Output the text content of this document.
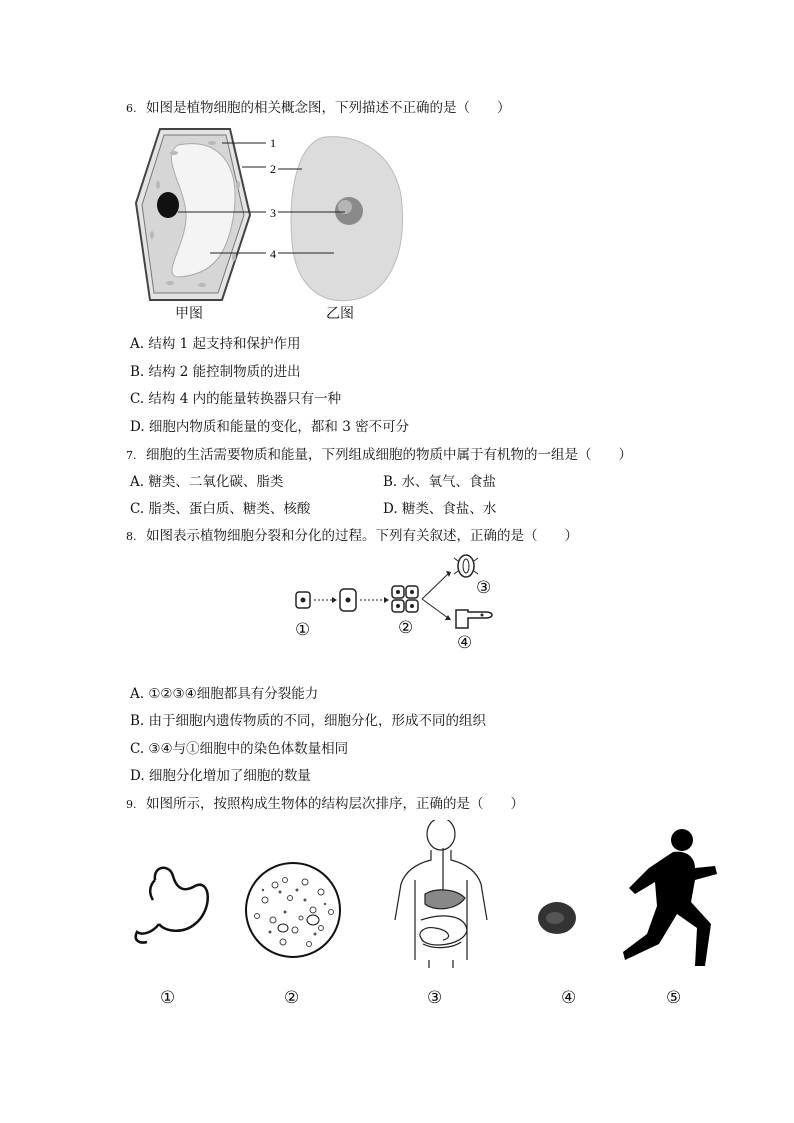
6. 如图是植物细胞的相关概念图，下列描述不正确的是（　　）
1
2
3
4
甲图	乙图
A. 结构 1 起支持和保护作用
B. 结构 2 能控制物质的进出
C. 结构 4 内的能量转换器只有一种
D. 细胞内物质和能量的变化，都和 3 密不可分
7. 细胞的生活需要物质和能量，下列组成细胞的物质中属于有机物的一组是（　　）
A. 糖类、二氧化碳、脂类	B. 水、氧气、食盐
C. 脂类、蛋白质、糖类、核酸	D. 糖类、食盐、水
8. 如图表示植物细胞分裂和分化的过程。下列有关叙述，正确的是（　　）
①	②
③
④
A. ①②③④细胞都具有分裂能力
B. 由于细胞内遗传物质的不同，细胞分化，形成不同的组织
C. ③④与①细胞中的染色体数量相同
D. 细胞分化增加了细胞的数量
9. 如图所示，按照构成生物体的结构层次排序，正确的是（　　）
①	②	③	④	⑤
